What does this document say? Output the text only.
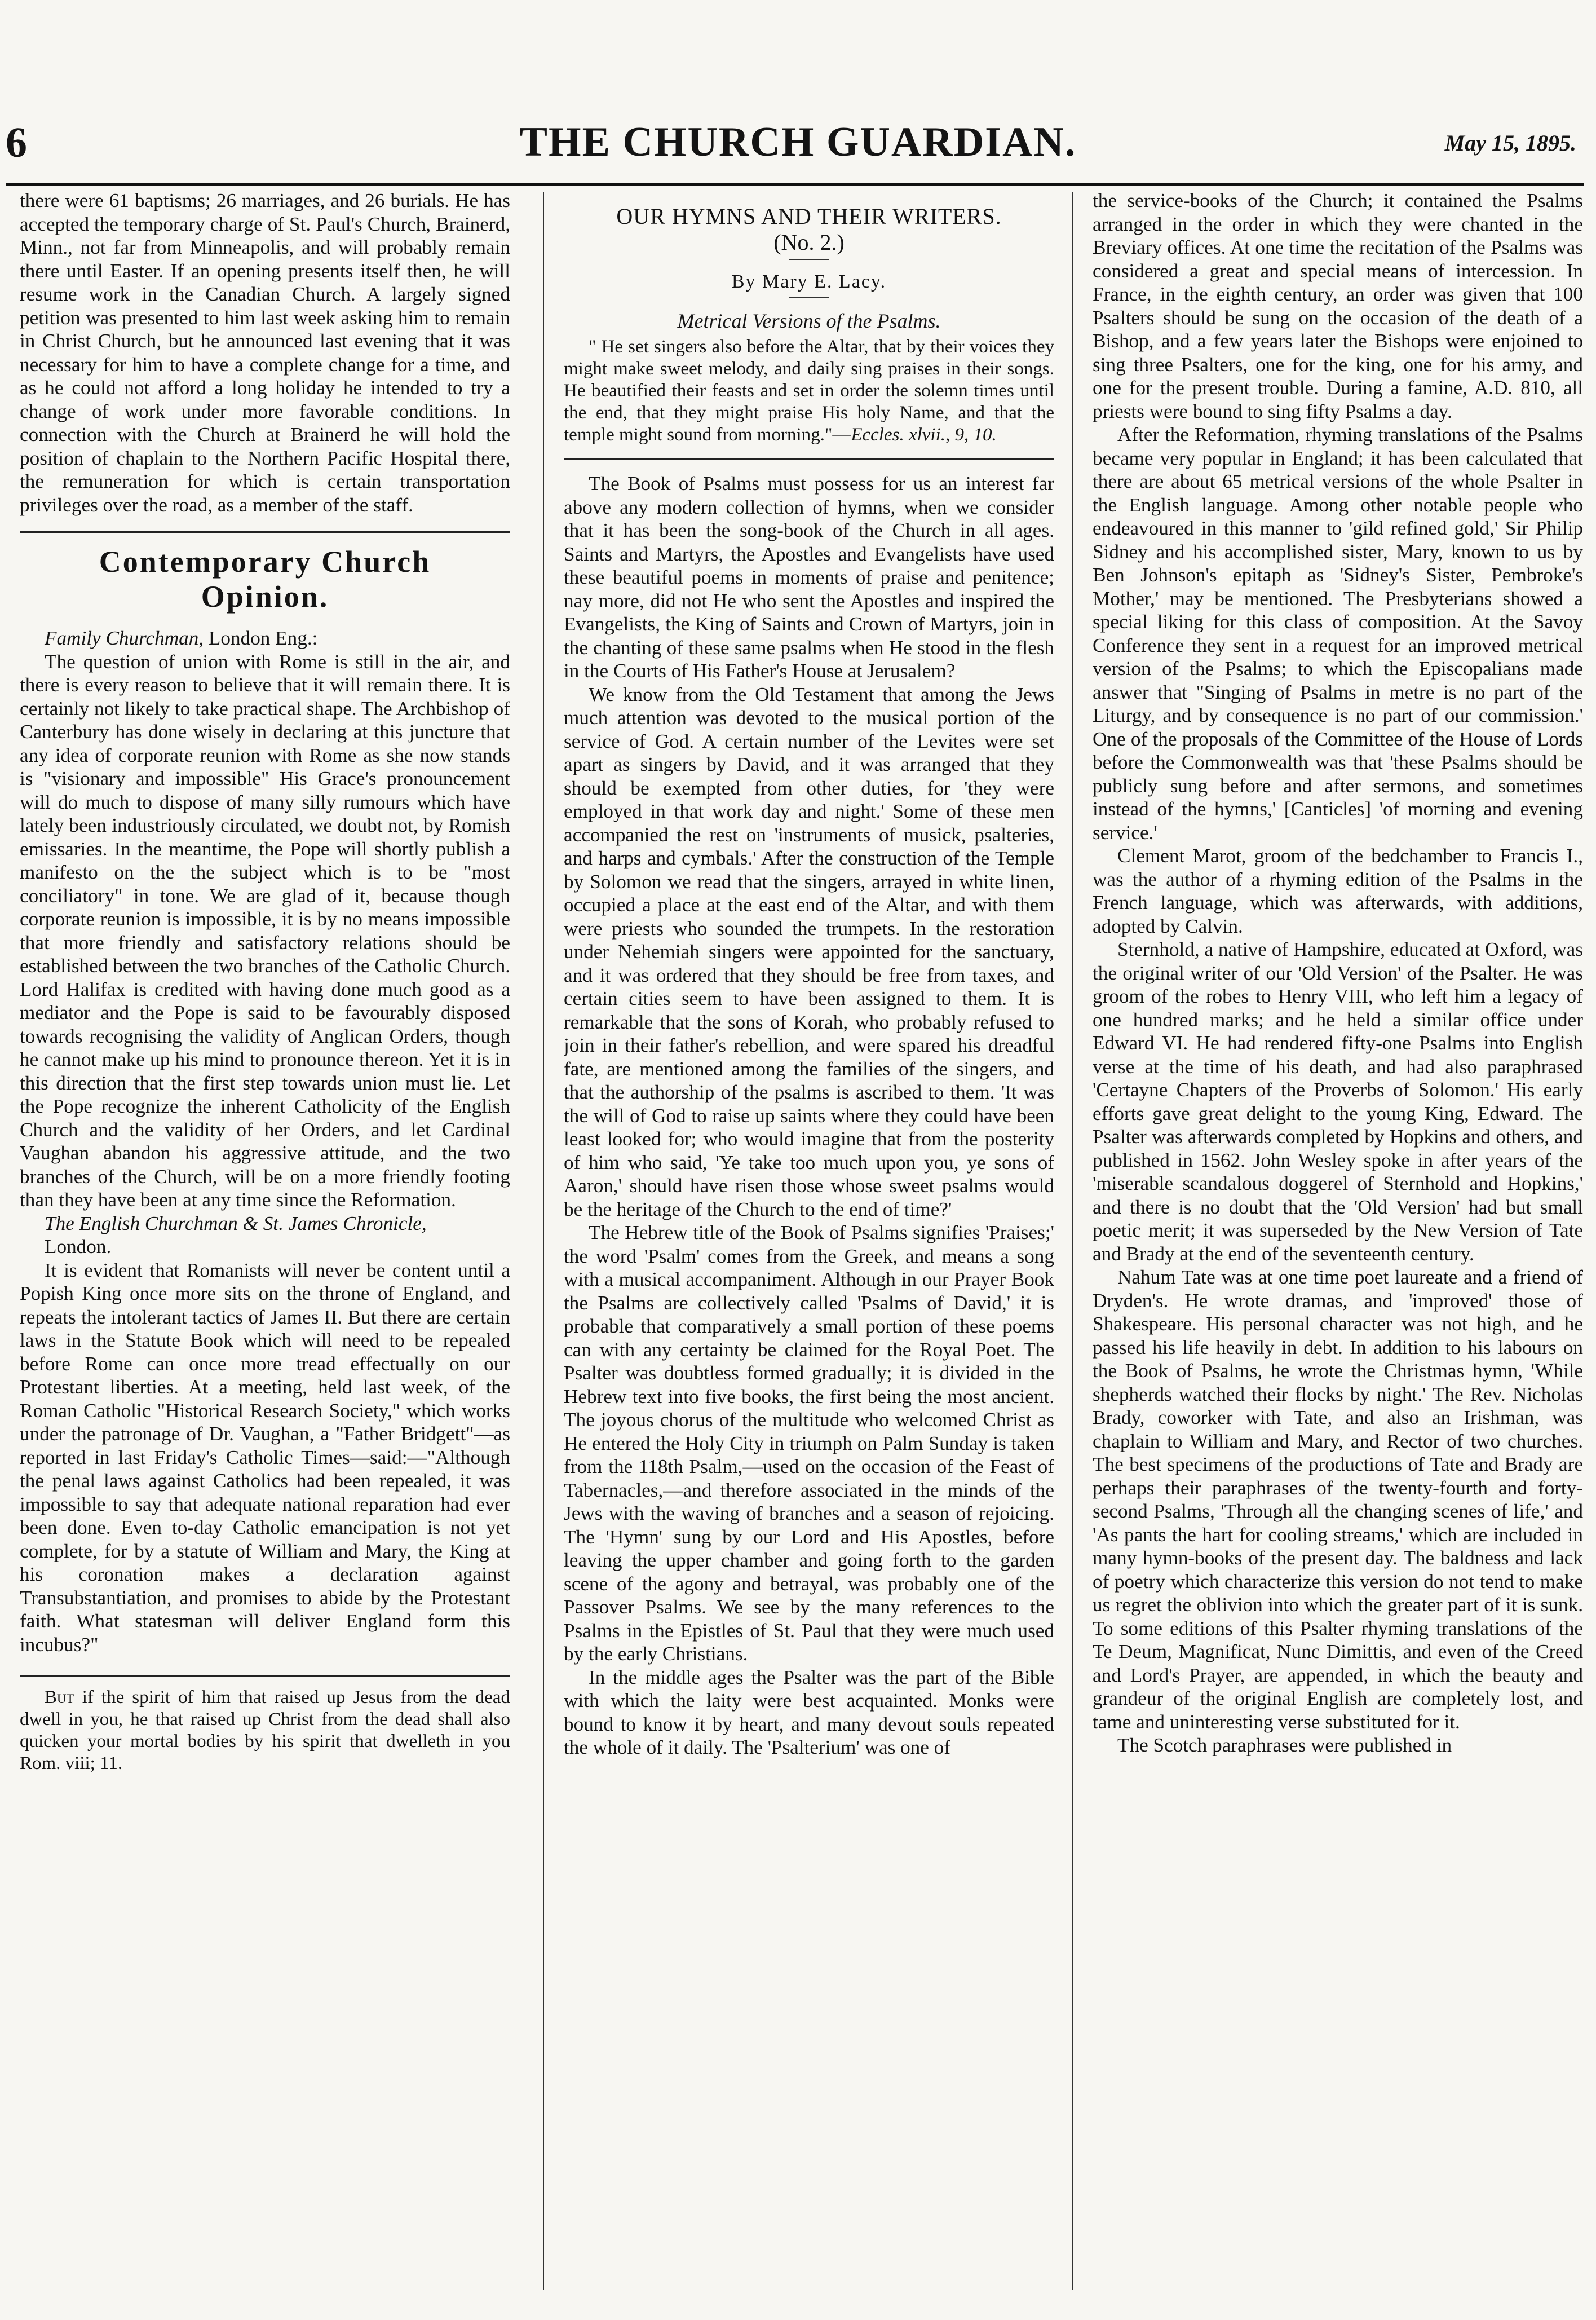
6	THE CHURCH GUARDIAN.	May 15, 1895.

there were 61 baptisms; 26 marriages, and 26 burials. He has accepted the temporary charge of St. Paul's Church, Brainerd, Minn., not far from Minneapolis, and will probably remain there until Easter. If an opening presents itself then, he will resume work in the Canadian Church. A largely signed petition was presented to him last week asking him to remain in Christ Church, but he announced last evening that it was necessary for him to have a complete change for a time, and as he could not afford a long holiday he intended to try a change of work under more favorable conditions. In connection with the Church at Brainerd he will hold the position of chaplain to the Northern Pacific Hospital there, the remuneration for which is certain transportation privileges over the road, as a member of the staff.

Contemporary Church
Opinion.

Family Churchman, London Eng.:

The question of union with Rome is still in the air, and there is every reason to believe that it will remain there. It is certainly not likely to take practical shape. The Archbishop of Canterbury has done wisely in declaring at this juncture that any idea of corporate reunion with Rome as she now stands is "visionary and impossible" His Grace's pronouncement will do much to dispose of many silly rumours which have lately been industriously circulated, we doubt not, by Romish emissaries. In the meantime, the Pope will shortly publish a manifesto on the the subject which is to be "most conciliatory" in tone. We are glad of it, because though corporate reunion is impossible, it is by no means impossible that more friendly and satisfactory relations should be established between the two branches of the Catholic Church. Lord Halifax is credited with having done much good as a mediator and the Pope is said to be favourably disposed towards recognising the validity of Anglican Orders, though he cannot make up his mind to pronounce thereon. Yet it is in this direction that the first step towards union must lie. Let the Pope recognize the inherent Catholicity of the English Church and the validity of her Orders, and let Cardinal Vaughan abandon his aggressive attitude, and the two branches of the Church, will be on a more friendly footing than they have been at any time since the Reformation.

The English Churchman & St. James Chronicle,
London.

It is evident that Romanists will never be content until a Popish King once more sits on the throne of England, and repeats the intolerant tactics of James II. But there are certain laws in the Statute Book which will need to be repealed before Rome can once more tread effectually on our Protestant liberties. At a meeting, held last week, of the Roman Catholic "Historical Research Society," which works under the patronage of Dr. Vaughan, a "Father Bridgett"—as reported in last Friday's Catholic Times—said:—"Although the penal laws against Catholics had been repealed, it was impossible to say that adequate national reparation had ever been done. Even to-day Catholic emancipation is not yet complete, for by a statute of William and Mary, the King at his coronation makes a declaration against Transubstantiation, and promises to abide by the Protestant faith. What statesman will deliver England form this incubus?"

But if the spirit of him that raised up Jesus from the dead dwell in you, he that raised up Christ from the dead shall also quicken your mortal bodies by his spirit that dwelleth in you Rom. viii; 11.

OUR HYMNS AND THEIR WRITERS.
(No. 2.)
By Mary E. Lacy.
Metrical Versions of the Psalms.

" He set singers also before the Altar, that by their voices they might make sweet melody, and daily sing praises in their songs. He beautified their feasts and set in order the solemn times until the end, that they might praise His holy Name, and that the temple might sound from morning."—Eccles. xlvii., 9, 10.

The Book of Psalms must possess for us an interest far above any modern collection of hymns, when we consider that it has been the song-book of the Church in all ages. Saints and Martyrs, the Apostles and Evangelists have used these beautiful poems in moments of praise and penitence; nay more, did not He who sent the Apostles and inspired the Evangelists, the King of Saints and Crown of Martyrs, join in the chanting of these same psalms when He stood in the flesh in the Courts of His Father's House at Jerusalem?

We know from the Old Testament that among the Jews much attention was devoted to the musical portion of the service of God. A certain number of the Levites were set apart as singers by David, and it was arranged that they should be exempted from other duties, for 'they were employed in that work day and night.' Some of these men accompanied the rest on 'instruments of musick, psalteries, and harps and cymbals.' After the construction of the Temple by Solomon we read that the singers, arrayed in white linen, occupied a place at the east end of the Altar, and with them were priests who sounded the trumpets. In the restoration under Nehemiah singers were appointed for the sanctuary, and it was ordered that they should be free from taxes, and certain cities seem to have been assigned to them. It is remarkable that the sons of Korah, who probably refused to join in their father's rebellion, and were spared his dreadful fate, are mentioned among the families of the singers, and that the authorship of the psalms is ascribed to them. 'It was the will of God to raise up saints where they could have been least looked for; who would imagine that from the posterity of him who said, 'Ye take too much upon you, ye sons of Aaron,' should have risen those whose sweet psalms would be the heritage of the Church to the end of time?'

The Hebrew title of the Book of Psalms signifies 'Praises;' the word 'Psalm' comes from the Greek, and means a song with a musical accompaniment. Although in our Prayer Book the Psalms are collectively called 'Psalms of David,' it is probable that comparatively a small portion of these poems can with any certainty be claimed for the Royal Poet. The Psalter was doubtless formed gradually; it is divided in the Hebrew text into five books, the first being the most ancient. The joyous chorus of the multitude who welcomed Christ as He entered the Holy City in triumph on Palm Sunday is taken from the 118th Psalm,—used on the occasion of the Feast of Tabernacles,—and therefore associated in the minds of the Jews with the waving of branches and a season of rejoicing. The 'Hymn' sung by our Lord and His Apostles, before leaving the upper chamber and going forth to the garden scene of the agony and betrayal, was probably one of the Passover Psalms. We see by the many references to the Psalms in the Epistles of St. Paul that they were much used by the early Christians.

In the middle ages the Psalter was the part of the Bible with which the laity were best acquainted. Monks were bound to know it by heart, and many devout souls repeated the whole of it daily. The 'Psalterium' was one of

the service-books of the Church; it contained the Psalms arranged in the order in which they were chanted in the Breviary offices. At one time the recitation of the Psalms was considered a great and special means of intercession. In France, in the eighth century, an order was given that 100 Psalters should be sung on the occasion of the death of a Bishop, and a few years later the Bishops were enjoined to sing three Psalters, one for the king, one for his army, and one for the present trouble. During a famine, A.D. 810, all priests were bound to sing fifty Psalms a day.

After the Reformation, rhyming translations of the Psalms became very popular in England; it has been calculated that there are about 65 metrical versions of the whole Psalter in the English language. Among other notable people who endeavoured in this manner to 'gild refined gold,' Sir Philip Sidney and his accomplished sister, Mary, known to us by Ben Johnson's epitaph as 'Sidney's Sister, Pembroke's Mother,' may be mentioned. The Presbyterians showed a special liking for this class of composition. At the Savoy Conference they sent in a request for an improved metrical version of the Psalms; to which the Episcopalians made answer that "Singing of Psalms in metre is no part of the Liturgy, and by consequence is no part of our commission.' One of the proposals of the Committee of the House of Lords before the Commonwealth was that 'these Psalms should be publicly sung before and after sermons, and sometimes instead of the hymns,' [Canticles] 'of morning and evening service.'

Clement Marot, groom of the bedchamber to Francis I., was the author of a rhyming edition of the Psalms in the French language, which was afterwards, with additions, adopted by Calvin.

Sternhold, a native of Hampshire, educated at Oxford, was the original writer of our 'Old Version' of the Psalter. He was groom of the robes to Henry VIII, who left him a legacy of one hundred marks; and he held a similar office under Edward VI. He had rendered fifty-one Psalms into English verse at the time of his death, and had also paraphrased 'Certayne Chapters of the Proverbs of Solomon.' His early efforts gave great delight to the young King, Edward. The Psalter was afterwards completed by Hopkins and others, and published in 1562. John Wesley spoke in after years of the 'miserable scandalous doggerel of Sternhold and Hopkins,' and there is no doubt that the 'Old Version' had but small poetic merit; it was superseded by the New Version of Tate and Brady at the end of the seventeenth century.

Nahum Tate was at one time poet laureate and a friend of Dryden's. He wrote dramas, and 'improved' those of Shakespeare. His personal character was not high, and he passed his life heavily in debt. In addition to his labours on the Book of Psalms, he wrote the Christmas hymn, 'While shepherds watched their flocks by night.' The Rev. Nicholas Brady, coworker with Tate, and also an Irishman, was chaplain to William and Mary, and Rector of two churches. The best specimens of the productions of Tate and Brady are perhaps their paraphrases of the twenty-fourth and forty-second Psalms, 'Through all the changing scenes of life,' and 'As pants the hart for cooling streams,' which are included in many hymn-books of the present day. The baldness and lack of poetry which characterize this version do not tend to make us regret the oblivion into which the greater part of it is sunk. To some editions of this Psalter rhyming translations of the Te Deum, Magnificat, Nunc Dimittis, and even of the Creed and Lord's Prayer, are appended, in which the beauty and grandeur of the original English are completely lost, and tame and uninteresting verse substituted for it.

The Scotch paraphrases were published in
